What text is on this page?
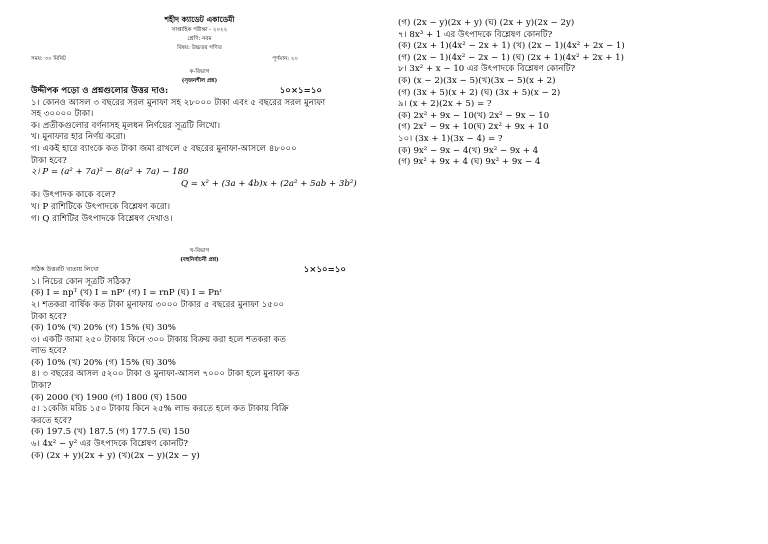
শহীদ ক্যাডেট একাডেমী
সাপ্তাহিক পরীক্ষা - ২০২২
শ্রেণি: নবম
বিষয়: উচ্চতর গণিত
সময়: ৩০ মিনিট	পূর্ণমান: ২০
ক-বিভাগ
(সৃজনশীল প্রশ্ন)
উদ্দীপক পড়ো ও প্রশ্নগুলোর উত্তর দাও:	১০×১=১০
১। কোনও আসল ৩ বছরের সরল মুনাফা সহ ২৮০০০ টাকা এবং ৫ বছরের সরল মুনাফা
সহ ৩০০০০ টাকা।
ক। প্রতীকগুলোর বর্ণনাসহ মূলধন নির্ণয়ের সূত্রটি লিখো।
খ। মুনাফার হার নির্ণয় করো।
গ। একই হারে ব্যাংকে কত টাকা জমা রাখলে ৫ বছরের মুনাফা-আসলে ৪৮০০০
টাকা হবে?
২। P = (a² + 7a)² − 8(a² + 7a) − 180
Q = x² + (3a + 4b)x + (2a² + 5ab + 3b²)
ক। উৎপাদক কাকে বলে?
খ। P রাশিটিকে উৎপাদকে বিশ্লেষণ করো।
গ। Q রাশিটির উৎপাদকে বিশ্লেষণ দেখাও।
খ-বিভাগ
(বহুনির্বাচনী প্রশ্ন)
সঠিক উত্তরটি খাতায় লিখো	১×১০=১০
১। নিচের কোন সূত্রটি সঠিক?
(ক) I = npᵀ (খ) I = nPʳ (গ) I = rnP (ঘ) I = Pnʳ
২। শতকরা বার্ষিক কত টাকা মুনাফায় ৩০০০ টাকার ৫ বছরের মুনাফা ১৫০০
টাকা হবে?
(ক) 10% (খ) 20% (গ) 15% (ঘ) 30%
৩। একটি জামা ২৫০ টাকায় কিনে ৩০০ টাকায় বিক্রয় করা হলে শতকরা কত
লাভ হবে?
(ক) 10% (খ) 20% (গ) 15% (ঘ) 30%
৪। ৩ বছরের আসল ৫২০০ টাকা ও মুনাফা-আসল ৭০০০ টাকা হলে মুনাফা কত
টাকা?
(ক) 2000 (খ) 1900 (গ) 1800 (ঘ) 1500
৫। ১কেজি মরিচ ১৫০ টাকায় কিনে ২৫% লাভ করতে হলে কত টাকায় বিক্রি
করতে হবে?
(ক) 197.5 (খ) 187.5 (গ) 177.5 (ঘ) 150
৬। 4x² − y² এর উৎপাদকে বিশ্লেষণ কোনটি?
(ক) (2x + y)(2x + y) (খ)(2x − y)(2x − y)
(গ) (2x − y)(2x + y) (ঘ) (2x + y)(2x − 2y)
৭। 8x³ + 1 এর উৎপাদকে বিশ্লেষণ কোনটি?
(ক) (2x + 1)(4x² − 2x + 1) (খ) (2x − 1)(4x² + 2x − 1)
(গ) (2x − 1)(4x² − 2x − 1) (ঘ) (2x + 1)(4x² + 2x + 1)
৮। 3x² + x − 10 এর উৎপাদকে বিশ্লেষণ কোনটি?
(ক) (x − 2)(3x − 5)(খ)(3x − 5)(x + 2)
(গ) (3x + 5)(x + 2) (ঘ) (3x + 5)(x − 2)
৯। (x + 2)(2x + 5) = ?
(ক) 2x² + 9x − 10(খ) 2x² − 9x − 10
(গ) 2x² − 9x + 10(ঘ) 2x² + 9x + 10
১০। (3x + 1)(3x − 4) = ?
(ক) 9x² − 9x − 4(খ) 9x² − 9x + 4
(গ) 9x² + 9x + 4 (ঘ) 9x² + 9x − 4
